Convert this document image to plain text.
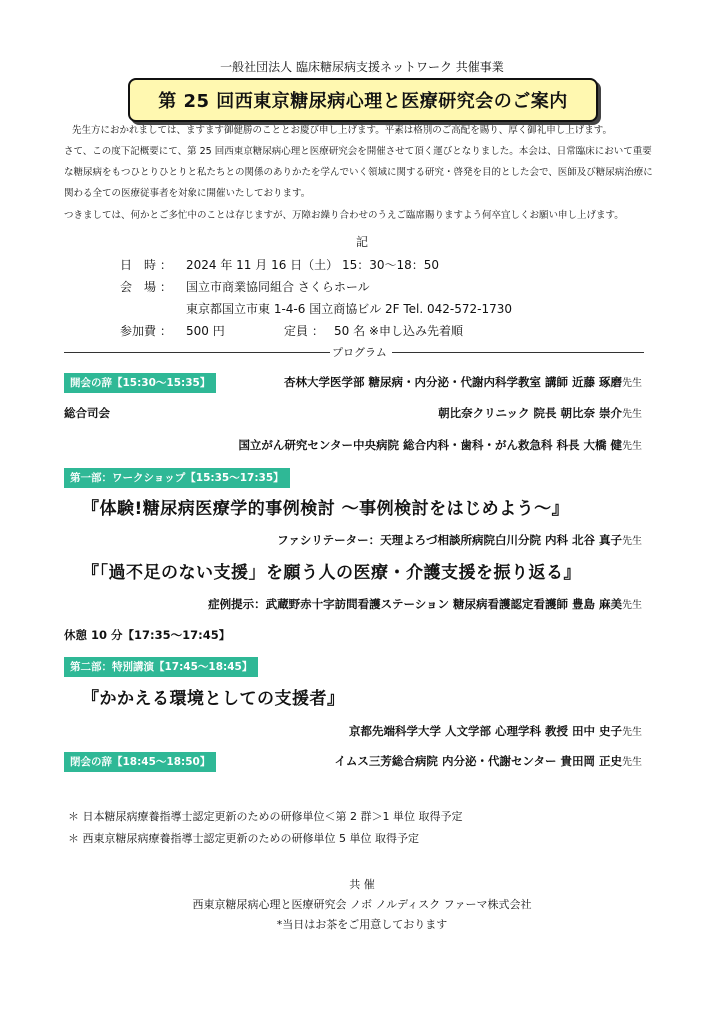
一般社団法人 臨床糖尿病支援ネットワーク 共催事業
第 25 回西東京糖尿病心理と医療研究会のご案内
先生方におかれましては、ますます御健勝のこととお慶び申し上げます。平素は格別のご高配を賜り、厚く御礼申し上げます。
さて、この度下記概要にて、第 25 回西東京糖尿病心理と医療研究会を開催させて頂く運びとなりました。本会は、日常臨床において重要な糖尿病をもつひとりひとりと私たちとの関係のありかたを学んでいく領域に関する研究・啓発を目的とした会で、医師及び糖尿病治療に関わる全ての医療従事者を対象に開催いたしております。
つきましては、何かとご多忙中のことは存じますが、万障お繰り合わせのうえご臨席賜りますよう何卒宜しくお願い申し上げます。
記
日　時 ： 2024 年 11 月 16 日（土） 15：30～18：50
会　場 ： 国立市商業協同組合 さくらホール
東京都国立市東 1-4-6 国立商協ビル 2F Tel. 042-572-1730
参加費 ： 500 円	定員 ： 50 名 ※申し込み先着順
プログラム
開会の辞【15:30～15:35】	杏林大学医学部 糖尿病・内分泌・代謝内科学教室 講師 近藤 琢磨先生
総合司会	朝比奈クリニック 院長 朝比奈 崇介先生
国立がん研究センター中央病院 総合内科・歯科・がん救急科 科長 大橋 健先生
第一部：ワークショップ【15:35～17:35】
『体験!糖尿病医療学的事例検討 ～事例検討をはじめよう～』
ファシリテーター：天理よろづ相談所病院白川分院 内科 北谷 真子先生
『「過不足のない支援」を願う人の医療・介護支援を振り返る』
症例提示：武蔵野赤十字訪問看護ステーション 糖尿病看護認定看護師 豊島 麻美先生
休憩 10 分【17:35～17:45】
第二部：特別講演【17:45～18:45】
『かかえる環境としての支援者』
京都先端科学大学 人文学部 心理学科 教授 田中 史子先生
閉会の辞【18:45～18:50】	イムス三芳総合病院 内分泌・代謝センター 貴田岡 正史先生
＊ 日本糖尿病療養指導士認定更新のための研修単位＜第 2 群＞1 単位 取得予定
＊ 西東京糖尿病療養指導士認定更新のための研修単位 5 単位 取得予定
共 催
西東京糖尿病心理と医療研究会 ノボ ノルディスク ファーマ株式会社
*当日はお茶をご用意しております
